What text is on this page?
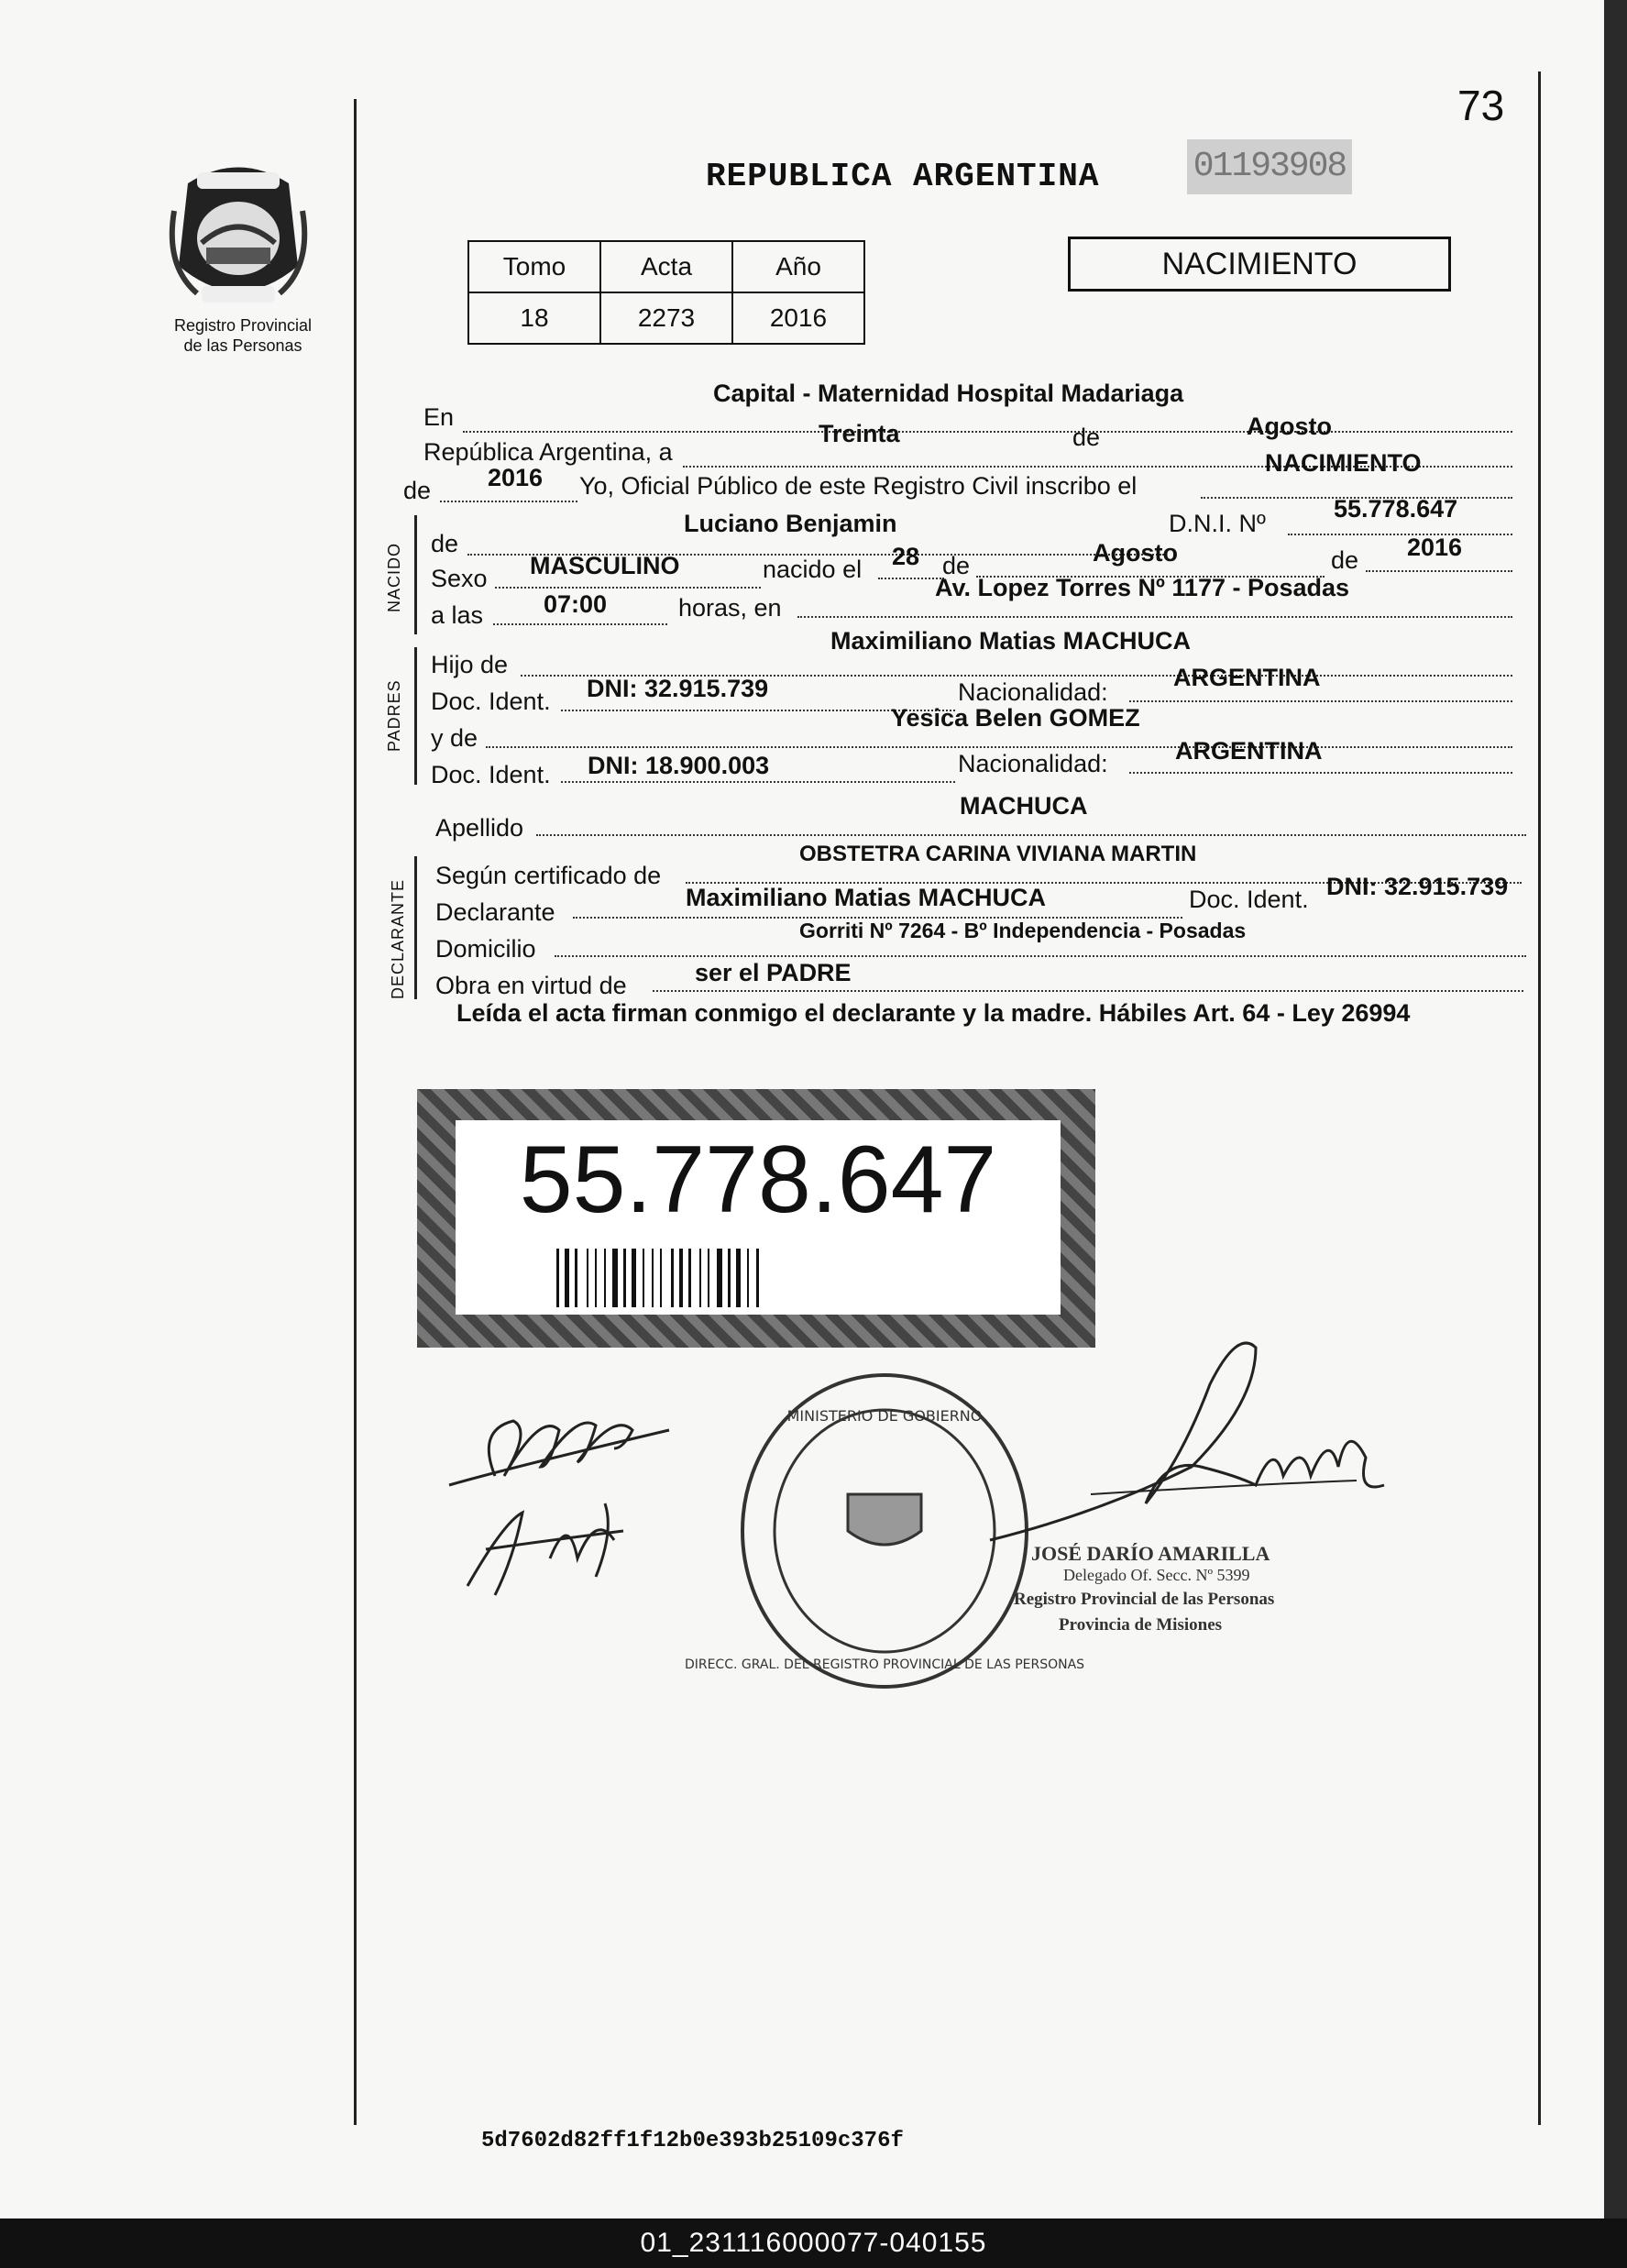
73
Registro Provincial
de las Personas
REPUBLICA ARGENTINA	01193908
Tomo	Acta	Año
18	2273	2016
NACIMIENTO
En
Capital - Maternidad Hospital Madariaga
República Argentina, a
Treinta	de	Agosto
de 2016 Yo, Oficial Público de este Registro Civil inscribo el
NACIMIENTO
NACIDO de
Luciano Benjamin	D.N.I. Nº
55.778.647
Sexo MASCULINO	nacido el 28 de	Agosto	de 2016
a las 07:00	horas, en
Av. Lopez Torres Nº 1177 - Posadas
PADRES
Hijo de
Maximiliano Matias MACHUCA
Doc. Ident. DNI: 32.915.739	Nacionalidad:
ARGENTINA
y de
Yesica Belen GOMEZ
Doc. Ident. DNI: 18.900.003	Nacionalidad:	ARGENTINA
Apellido
MACHUCA
DECLARANTE
Según certificado de
OBSTETRA CARINA VIVIANA MARTIN
Declarante
Maximiliano Matias MACHUCA	Doc. Ident. DNI: 32.915.739
Domicilio
Gorriti Nº 7264 - Bº Independencia - Posadas
Obra en virtud de	ser el PADRE
Leída el acta firman conmigo el declarante y la madre. Hábiles Art. 64 - Ley 26994
55.778.647
MINISTERIO DE GOBIERNO
DIRECC. GRAL. DEL REGISTRO PROVINCIAL DE LAS PERSONAS
JOSÉ DARÍO AMARILLA
Delegado Of. Secc. Nº 5399
Registro Provincial de las Personas
Provincia de Misiones
5d7602d82ff1f12b0e393b25109c376f
01_231116000077-040155
